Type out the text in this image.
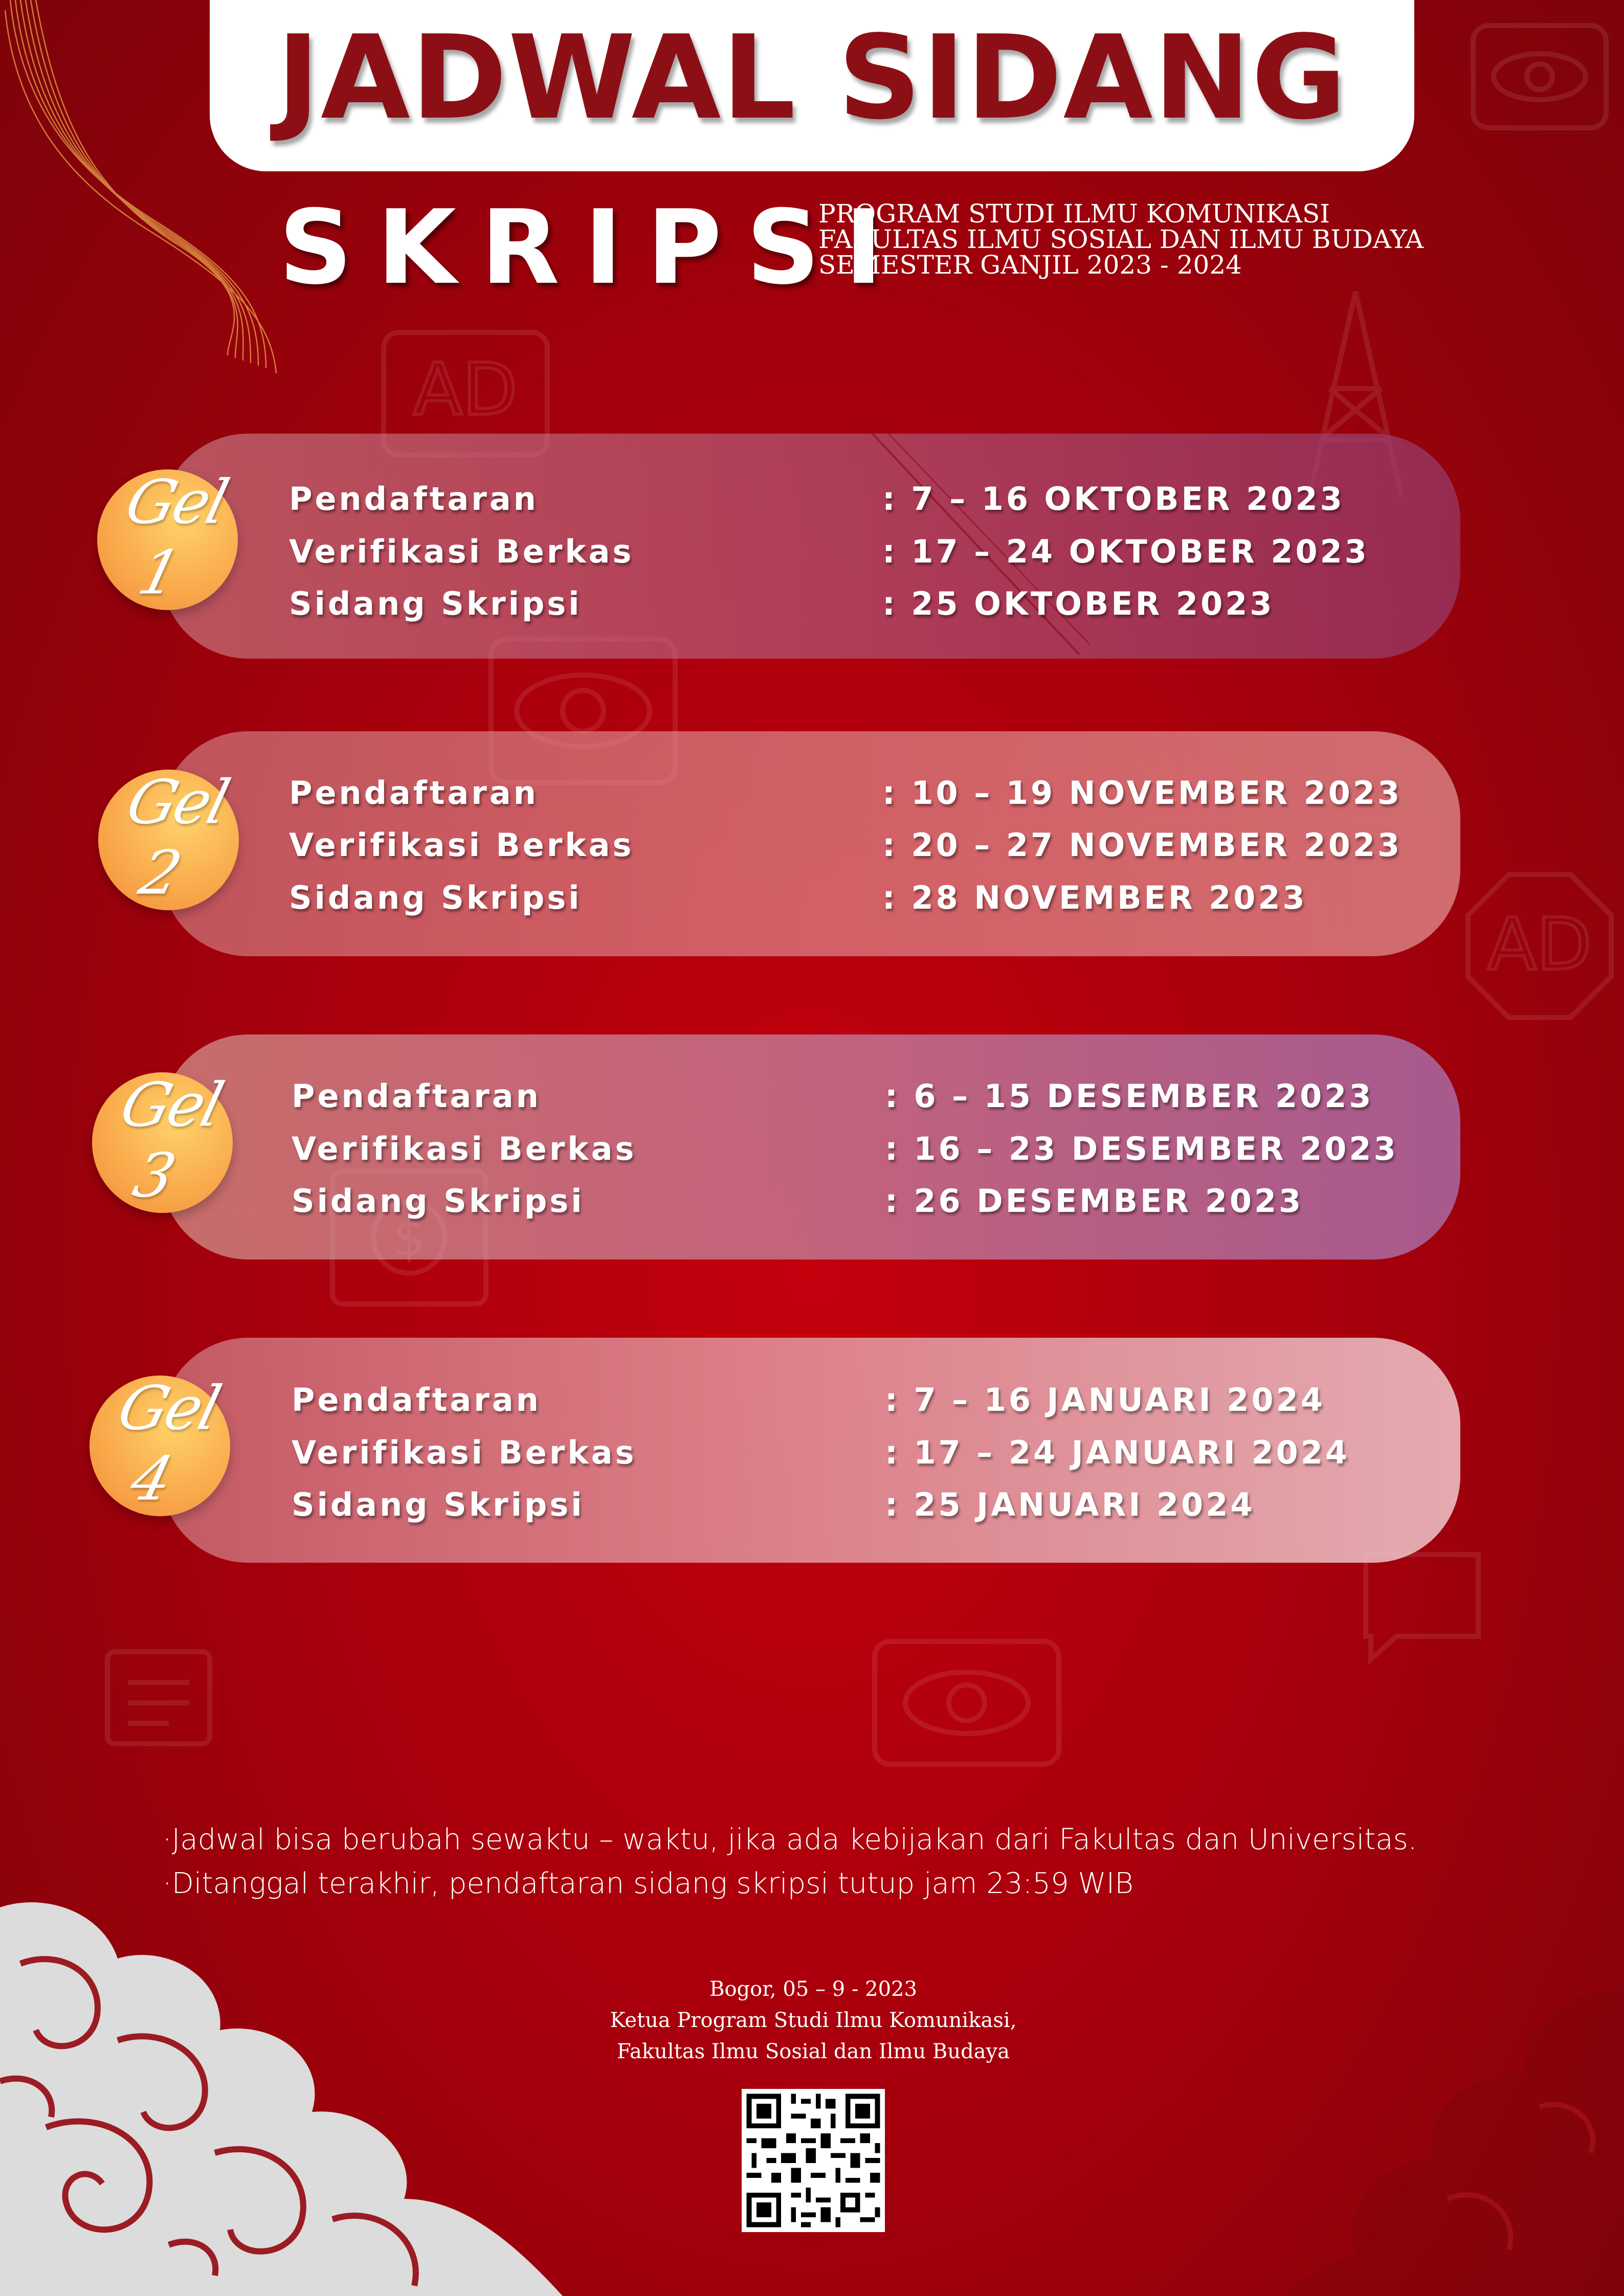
AD
AD
JADWAL SIDANG
SKRIPSI
PROGRAM STUDI ILMU KOMUNIKASI
FAKULTAS ILMU SOSIAL DAN ILMU BUDAYA
SEMESTER GANJIL 2023 - 2024
Gel 1
Pendaftaran	: 7 – 16 OKTOBER 2023
Verifikasi Berkas	: 17 – 24 OKTOBER 2023
Sidang Skripsi	: 25 OKTOBER 2023
Gel 2
Pendaftaran	: 10 – 19 NOVEMBER 2023
Verifikasi Berkas	: 20 – 27 NOVEMBER 2023
Sidang Skripsi	: 28 NOVEMBER 2023
Gel 3
Pendaftaran	: 6 – 15 DESEMBER 2023
Verifikasi Berkas	: 16 – 23 DESEMBER 2023
Sidang Skripsi	: 26 DESEMBER 2023
Gel 4
Pendaftaran	: 7 – 16 JANUARI 2024
Verifikasi Berkas	: 17 – 24 JANUARI 2024
Sidang Skripsi	: 25 JANUARI 2024
·Jadwal bisa berubah sewaktu – waktu, jika ada kebijakan dari Fakultas dan Universitas.
·Ditanggal terakhir, pendaftaran sidang skripsi tutup jam 23:59 WIB
Bogor, 05 – 9 - 2023
Ketua Program Studi Ilmu Komunikasi,
Fakultas Ilmu Sosial dan Ilmu Budaya
